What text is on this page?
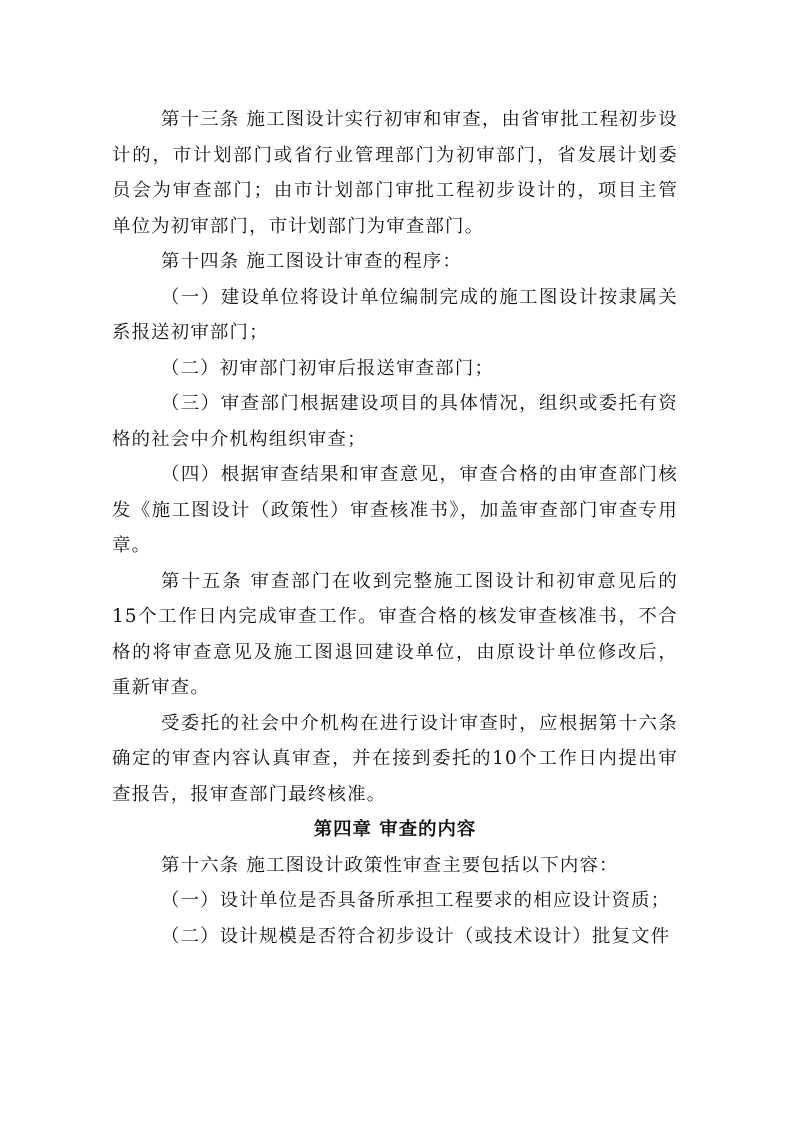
第十三条 施工图设计实行初审和审查，由省审批工程初步设计的，市计划部门或省行业管理部门为初审部门，省发展计划委员会为审查部门；由市计划部门审批工程初步设计的，项目主管单位为初审部门，市计划部门为审查部门。

第十四条 施工图设计审查的程序：

（一）建设单位将设计单位编制完成的施工图设计按隶属关系报送初审部门；

（二）初审部门初审后报送审查部门；

（三）审查部门根据建设项目的具体情况，组织或委托有资格的社会中介机构组织审查；

（四）根据审查结果和审查意见，审查合格的由审查部门核发《施工图设计（政策性）审查核准书》，加盖审查部门审查专用章。

第十五条 审查部门在收到完整施工图设计和初审意见后的15个工作日内完成审查工作。审查合格的核发审查核准书，不合格的将审查意见及施工图退回建设单位，由原设计单位修改后，重新审查。

受委托的社会中介机构在进行设计审查时，应根据第十六条确定的审查内容认真审查，并在接到委托的10个工作日内提出审查报告，报审查部门最终核准。

第四章 审查的内容

第十六条 施工图设计政策性审查主要包括以下内容：

（一）设计单位是否具备所承担工程要求的相应设计资质；

（二）设计规模是否符合初步设计（或技术设计）批复文件
